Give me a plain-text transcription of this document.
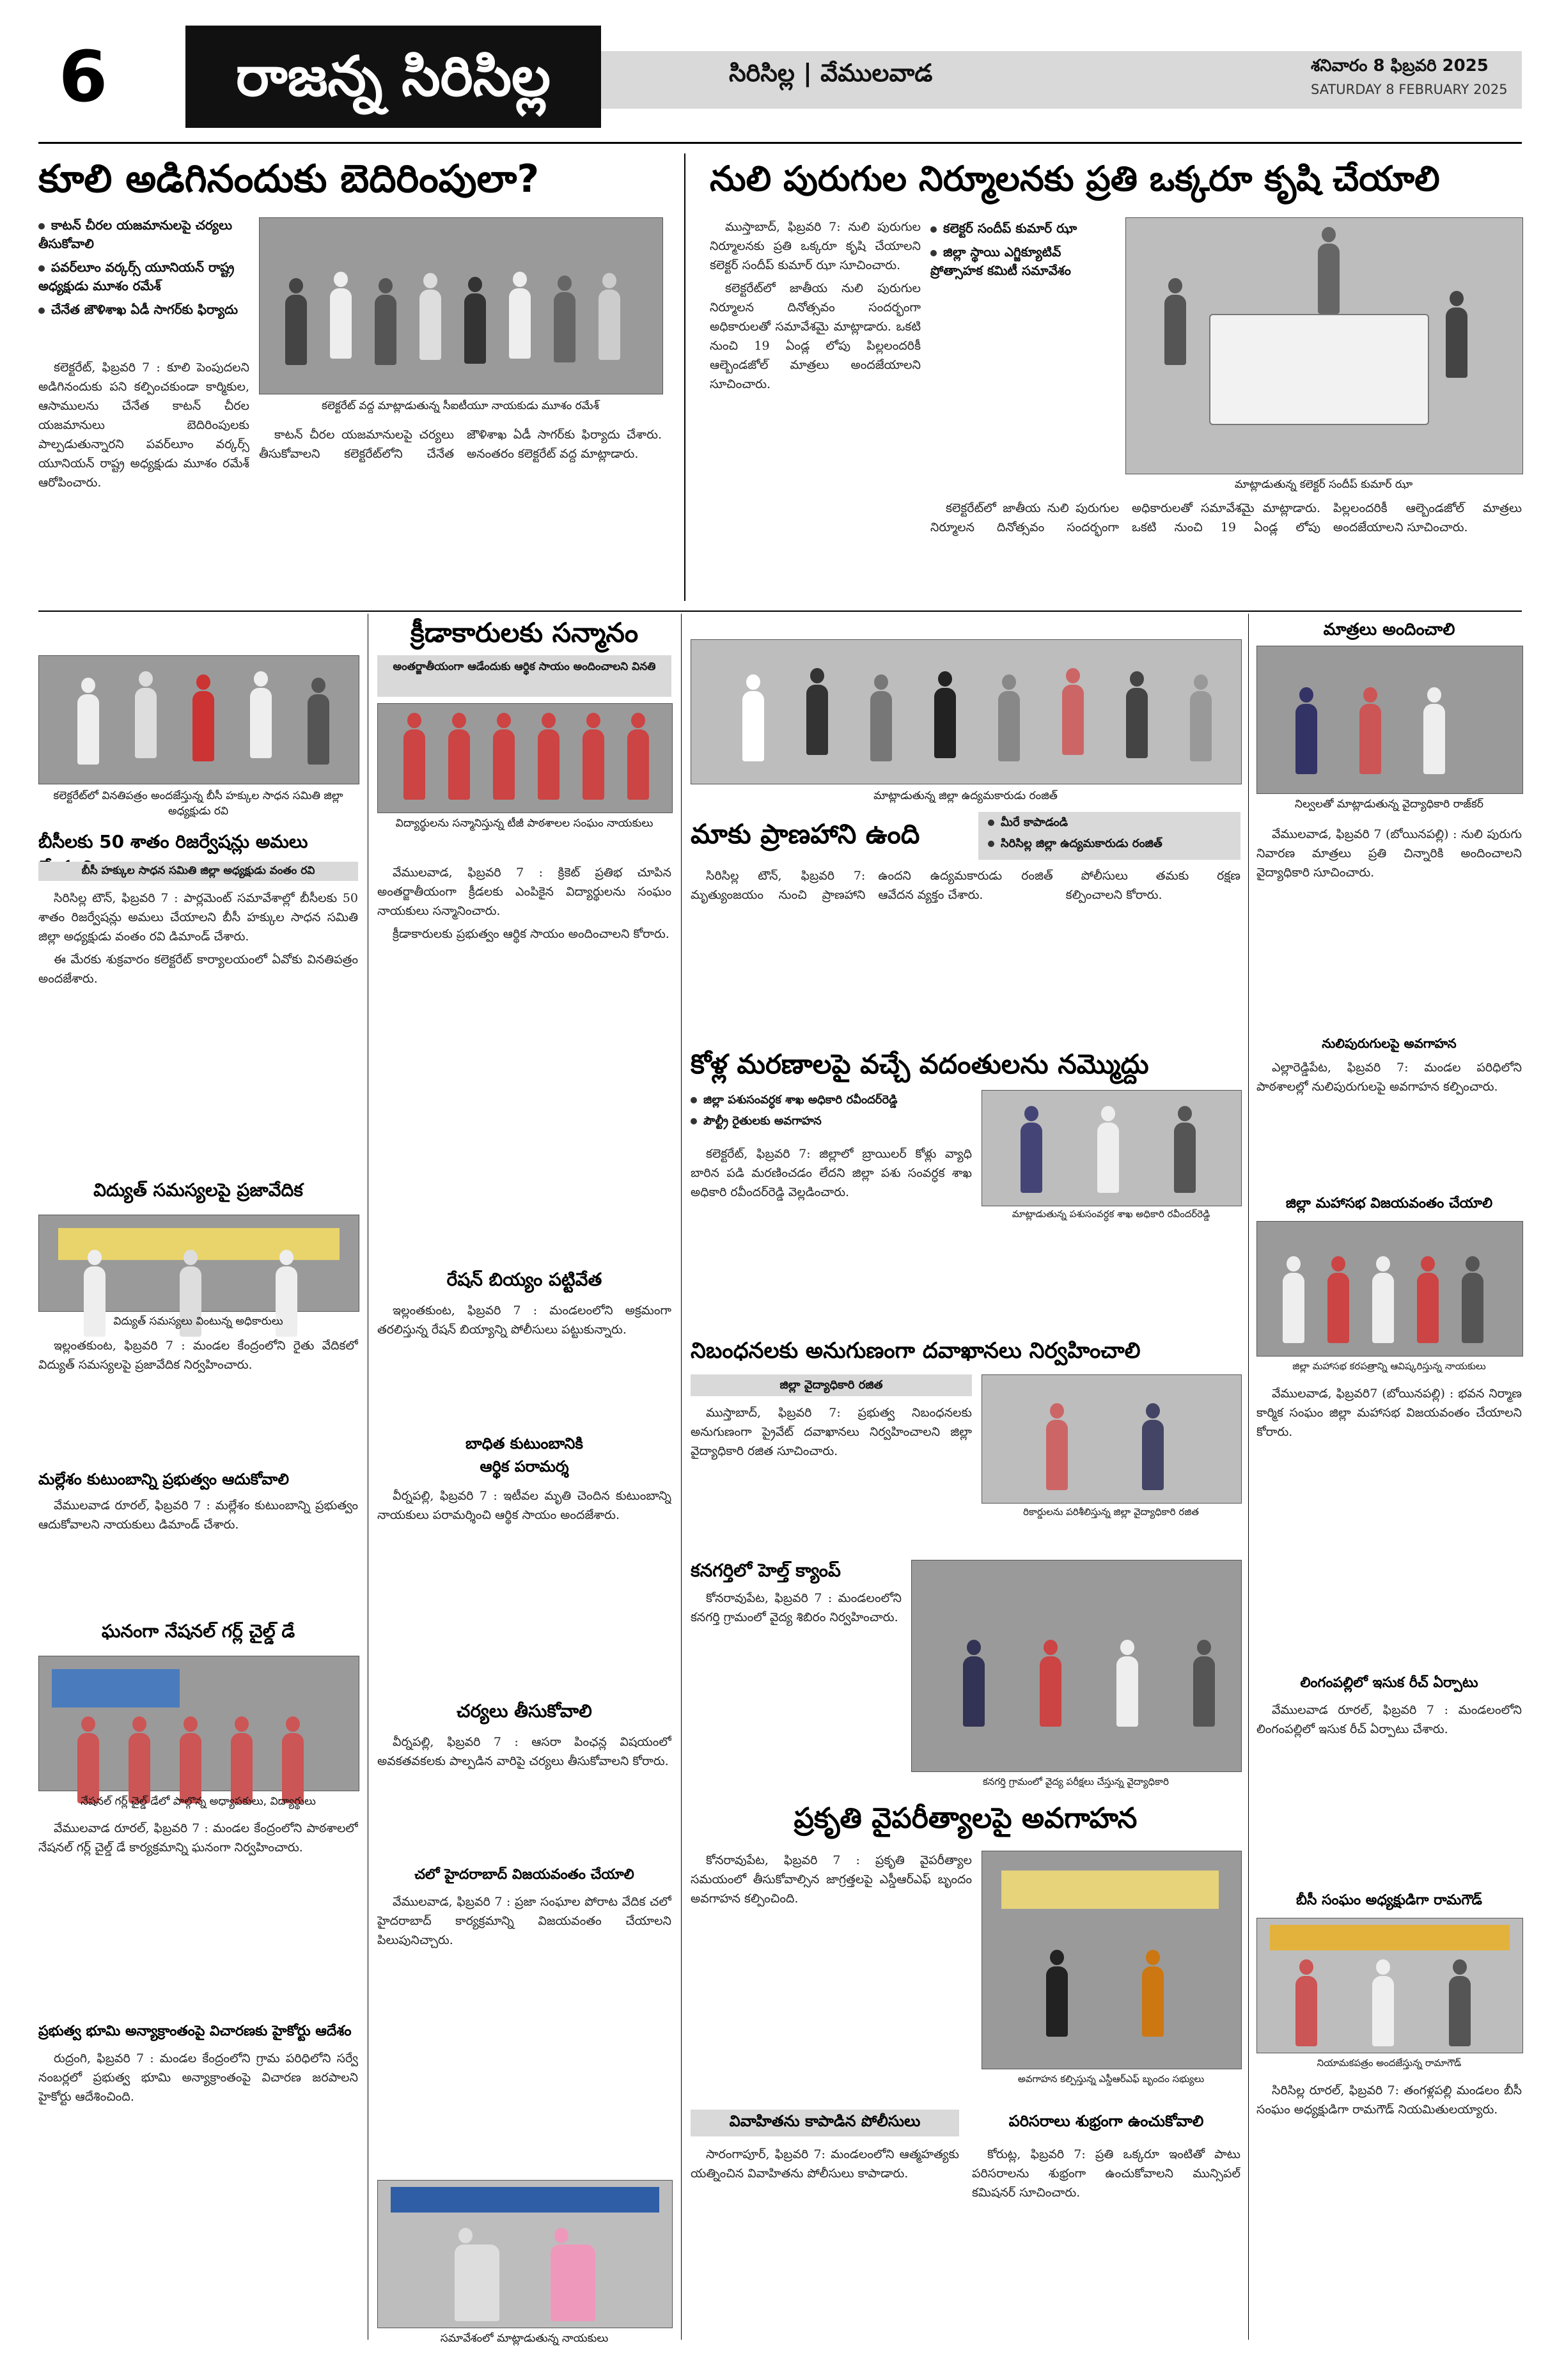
6	రాజన్న సిరిసిల్ల	సిరిసిల్ల | వేములవాడ	శనివారం 8 ఫిబ్రవరి 2025
SATURDAY 8 FEBRUARY 2025
కూలి అడిగినందుకు బెదిరింపులా?
కాటన్ చీరల యజమానులపై చర్యలు తీసుకోవాలి
పవర్‌లూం వర్కర్స్ యూనియన్ రాష్ట్ర అధ్యక్షుడు మూశం రమేశ్
చేనేత జౌళిశాఖ ఏడీ సాగర్‌కు ఫిర్యాదు
కలెక్టరేట్ వద్ద మాట్లాడుతున్న సీఐటీయూ నాయకుడు మూశం రమేశ్

కలెక్టరేట్, ఫిబ్రవరి 7 : కూలి పెంపుదలని అడిగినందుకు పని కల్పించకుండా కార్మికుల, ఆసాములను చేనేత కాటన్ చీరల యజమానులు బెదిరింపులకు పాల్పడుతున్నారని పవర్‌లూం వర్కర్స్ యూనియన్ రాష్ట్ర అధ్యక్షుడు మూశం రమేశ్ ఆరోపించారు.

కాటన్ చీరల యజమానులపై చర్యలు తీసుకోవాలని కలెక్టరేట్‌లోని చేనేత జౌళిశాఖ ఏడీ సాగర్‌కు ఫిర్యాదు చేశారు. అనంతరం కలెక్టరేట్ వద్ద మాట్లాడారు.

నులి పురుగుల నిర్మూలనకు ప్రతి ఒక్కరూ కృషి చేయాలి

ముస్తాబాద్, ఫిబ్రవరి 7: నులి పురుగుల నిర్మూలనకు ప్రతి ఒక్కరూ కృషి చేయాలని కలెక్టర్ సందీప్ కుమార్ ఝా సూచించారు.

కలెక్టరేట్‌లో జాతీయ నులి పురుగుల నిర్మూలన దినోత్సవం సందర్భంగా అధికారులతో సమావేశమై మాట్లాడారు. ఒకటి నుంచి 19 ఏండ్ల లోపు పిల్లలందరికీ ఆల్బెండజోల్ మాత్రలు అందజేయాలని సూచించారు.

కలెక్టర్ సందీప్ కుమార్ ఝా
జిల్లా స్థాయి ఎగ్జిక్యూటివ్ ప్రోత్సాహక కమిటీ సమావేశం
మాట్లాడుతున్న కలెక్టర్ సందీప్ కుమార్ ఝా

కలెక్టరేట్‌లో జాతీయ నులి పురుగుల నిర్మూలన దినోత్సవం సందర్భంగా అధికారులతో సమావేశమై మాట్లాడారు. ఒకటి నుంచి 19 ఏండ్ల లోపు పిల్లలందరికీ ఆల్బెండజోల్ మాత్రలు అందజేయాలని సూచించారు.

కలెక్టరేట్‌లో వినతిపత్రం అందజేస్తున్న బీసీ హక్కుల సాధన సమితి జిల్లా అధ్యక్షుడు రవి
బీసీలకు 50 శాతం రిజర్వేషన్లు అమలు
బీసీ హక్కుల సాధన సమితి జిల్లా అధ్యక్షుడు వంతం రవి

సిరిసిల్ల టౌన్, ఫిబ్రవరి 7 : పార్లమెంట్ సమావేశాల్లో బీసీలకు 50 శాతం రిజర్వేషన్లు అమలు చేయాలని బీసీ హక్కుల సాధన సమితి జిల్లా అధ్యక్షుడు వంతం రవి డిమాండ్ చేశారు.

ఈ మేరకు శుక్రవారం కలెక్టరేట్ కార్యాలయంలో ఏవోకు వినతిపత్రం అందజేశారు.

క్రీడాకారులకు సన్మానం
అంతర్జాతీయంగా ఆడేందుకు ఆర్థిక సాయం అందించాలని వినతి
విద్యార్థులను సన్మానిస్తున్న టీజీ పాఠశాలల సంఘం నాయకులు

వేములవాడ, ఫిబ్రవరి 7 : క్రికెట్ ప్రతిభ చూపిన అంతర్జాతీయంగా క్రీడలకు ఎంపికైన విద్యార్థులను సంఘం నాయకులు సన్మానించారు.

క్రీడాకారులకు ప్రభుత్వం ఆర్థిక సాయం అందించాలని కోరారు.

మాట్లాడుతున్న జిల్లా ఉద్యమకారుడు రంజిత్
మాకు ప్రాణహాని ఉంది	మీరే కాపాడండి
సిరిసిల్ల జిల్లా ఉద్యమకారుడు రంజిత్

సిరిసిల్ల టౌన్, ఫిబ్రవరి 7: మృత్యుంజయం నుంచి ప్రాణహాని ఉందని ఉద్యమకారుడు రంజిత్ ఆవేదన వ్యక్తం చేశారు.

పోలీసులు తమకు రక్షణ కల్పించాలని కోరారు.

మాత్రలు అందించాలి
నిల్వలతో మాట్లాడుతున్న వైద్యాధికారి రాజ్‌కర్

వేములవాడ, ఫిబ్రవరి 7 (బోయినపల్లి) : నులి పురుగు నివారణ మాత్రలు ప్రతి చిన్నారికి అందించాలని వైద్యాధికారి సూచించారు.

నులిపురుగులపై అవగాహన

ఎల్లారెడ్డిపేట, ఫిబ్రవరి 7: మండల పరిధిలోని పాఠశాలల్లో నులిపురుగులపై అవగాహన కల్పించారు.

విద్యుత్ సమస్యలపై ప్రజావేదిక
విద్యుత్ సమస్యలు వింటున్న అధికారులు

ఇల్లంతకుంట, ఫిబ్రవరి 7 : మండల కేంద్రంలోని రైతు వేదికలో విద్యుత్ సమస్యలపై ప్రజావేదిక నిర్వహించారు.

మల్లేశం కుటుంబాన్ని ప్రభుత్వం ఆదుకోవాలి

వేములవాడ రూరల్, ఫిబ్రవరి 7 : మల్లేశం కుటుంబాన్ని ప్రభుత్వం ఆదుకోవాలని నాయకులు డిమాండ్ చేశారు.

ఘనంగా నేషనల్ గర్ల్ చైల్డ్ డే
నేషనల్ గర్ల్ చైల్డ్ డేలో పాల్గొన్న అధ్యాపకులు, విద్యార్థులు

వేములవాడ రూరల్, ఫిబ్రవరి 7 : మండల కేంద్రంలోని పాఠశాలలో నేషనల్ గర్ల్ చైల్డ్ డే కార్యక్రమాన్ని ఘనంగా నిర్వహించారు.

ప్రభుత్వ భూమి అన్యాక్రాంతంపై విచారణకు హైకోర్టు ఆదేశం

రుద్రంగి, ఫిబ్రవరి 7 : మండల కేంద్రంలోని గ్రామ పరిధిలోని సర్వే నంబర్లలో ప్రభుత్వ భూమి అన్యాక్రాంతంపై విచారణ జరపాలని హైకోర్టు ఆదేశించింది.

రేషన్ బియ్యం పట్టివేత

ఇల్లంతకుంట, ఫిబ్రవరి 7 : మండలంలోని అక్రమంగా తరలిస్తున్న రేషన్ బియ్యాన్ని పోలీసులు పట్టుకున్నారు.

బాధిత కుటుంబానికి
ఆర్థిక పరామర్శ

వీర్నపల్లి, ఫిబ్రవరి 7 : ఇటీవల మృతి చెందిన కుటుంబాన్ని నాయకులు పరామర్శించి ఆర్థిక సాయం అందజేశారు.

చర్యలు తీసుకోవాలి

వీర్నపల్లి, ఫిబ్రవరి 7 : ఆసరా పింఛన్ల విషయంలో అవకతవకలకు పాల్పడిన వారిపై చర్యలు తీసుకోవాలని కోరారు.

చలో హైదరాబాద్ విజయవంతం చేయాలి

వేములవాడ, ఫిబ్రవరి 7 : ప్రజా సంఘాల పోరాట వేదిక చలో హైదరాబాద్ కార్యక్రమాన్ని విజయవంతం చేయాలని పిలుపునిచ్చారు.

సమావేశంలో మాట్లాడుతున్న నాయకులు
కోళ్ల మరణాలపై వచ్చే వదంతులను నమ్మొద్దు
జిల్లా పశుసంవర్ధక శాఖ అధికారి రవీందర్‌రెడ్డి
పౌల్ట్రీ రైతులకు అవగాహన
మాట్లాడుతున్న పశుసంవర్ధక శాఖ అధికారి రవీందర్‌రెడ్డి

కలెక్టరేట్, ఫిబ్రవరి 7: జిల్లాలో బ్రాయిలర్ కోళ్లు వ్యాధి బారిన పడి మరణించడం లేదని జిల్లా పశు సంవర్ధక శాఖ అధికారి రవీందర్‌రెడ్డి వెల్లడించారు.

నిబంధనలకు అనుగుణంగా దవాఖానలు నిర్వహించాలి
జిల్లా వైద్యాధికారి రజిత

ముస్తాబాద్, ఫిబ్రవరి 7: ప్రభుత్వ నిబంధనలకు అనుగుణంగా ప్రైవేట్ దవాఖానలు నిర్వహించాలని జిల్లా వైద్యాధికారి రజిత సూచించారు.

రికార్డులను పరిశీలిస్తున్న జిల్లా వైద్యాధికారి రజిత
కనగర్తిలో హెల్త్ క్యాంప్

కోనరావుపేట, ఫిబ్రవరి 7 : మండలంలోని కనగర్తి గ్రామంలో వైద్య శిబిరం నిర్వహించారు.

కనగర్తి గ్రామంలో వైద్య పరీక్షలు చేస్తున్న వైద్యాధికారి
ప్రకృతి వైపరీత్యాలపై అవగాహన

కోనరావుపేట, ఫిబ్రవరి 7 : ప్రకృతి వైపరీత్యాల సమయంలో తీసుకోవాల్సిన జాగ్రత్తలపై ఎస్డీఆర్ఎఫ్ బృందం అవగాహన కల్పించింది.

అవగాహన కల్పిస్తున్న ఎస్డీఆర్ఎఫ్ బృందం సభ్యులు
వివాహితను కాపాడిన పోలీసులు

సారంగాపూర్, ఫిబ్రవరి 7: మండలంలోని ఆత్మహత్యకు యత్నించిన వివాహితను పోలీసులు కాపాడారు.

పరిసరాలు శుభ్రంగా ఉంచుకోవాలి

కోరుట్ల, ఫిబ్రవరి 7: ప్రతి ఒక్కరూ ఇంటితో పాటు పరిసరాలను శుభ్రంగా ఉంచుకోవాలని మున్సిపల్ కమిషనర్ సూచించారు.

జిల్లా మహాసభ విజయవంతం చేయాలి
జిల్లా మహాసభ కరపత్రాన్ని ఆవిష్కరిస్తున్న నాయకులు

వేములవాడ, ఫిబ్రవరి7 (బోయినపల్లి) : భవన నిర్మాణ కార్మిక సంఘం జిల్లా మహాసభ విజయవంతం చేయాలని కోరారు.

లింగంపల్లిలో ఇసుక రీచ్ ఏర్పాటు

వేములవాడ రూరల్, ఫిబ్రవరి 7 : మండలంలోని లింగంపల్లిలో ఇసుక రీచ్ ఏర్పాటు చేశారు.

బీసీ సంఘం అధ్యక్షుడిగా రామగౌడ్
నియామకపత్రం అందజేస్తున్న రామాగౌడ్

సిరిసిల్ల రూరల్, ఫిబ్రవరి 7: తంగళ్లపల్లి మండలం బీసీ సంఘం అధ్యక్షుడిగా రామగౌడ్ నియమితులయ్యారు.
